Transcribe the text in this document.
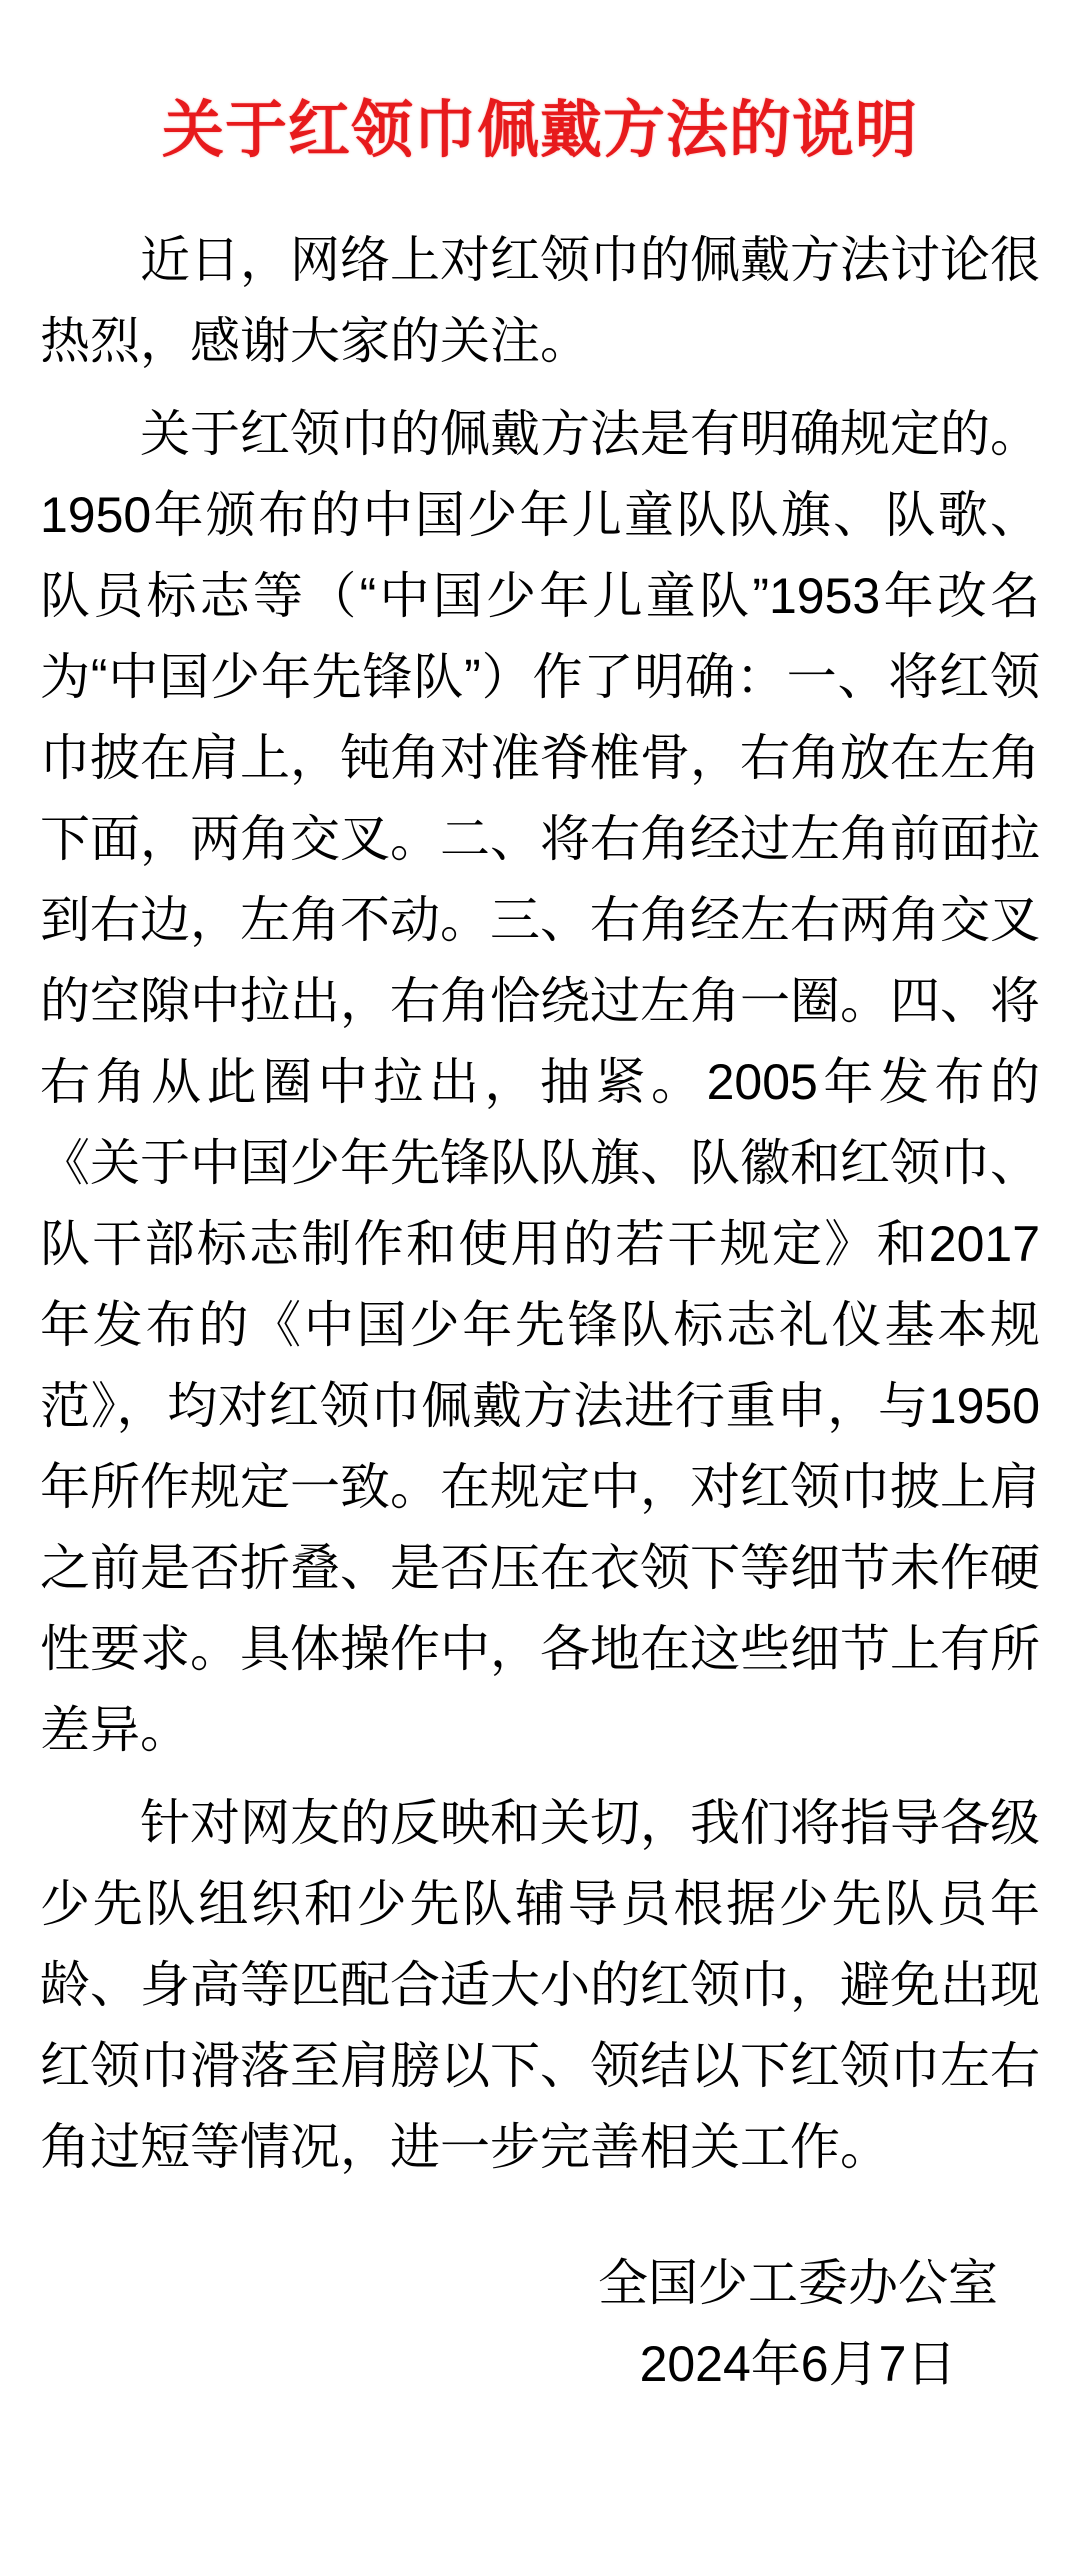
关于红领巾佩戴方法的说明

近日，网络上对红领巾的佩戴方法讨论很热烈，感谢大家的关注。

关于红领巾的佩戴方法是有明确规定的。1950年颁布的中国少年儿童队队旗、队歌、队员标志等（“中国少年儿童队”1953年改名为“中国少年先锋队”）作了明确：一、将红领巾披在肩上，钝角对准脊椎骨，右角放在左角下面，两角交叉。二、将右角经过左角前面拉到右边，左角不动。三、右角经左右两角交叉的空隙中拉出，右角恰绕过左角一圈。四、将右角从此圈中拉出，抽紧。2005年发布的《关于中国少年先锋队队旗、队徽和红领巾、队干部标志制作和使用的若干规定》和2017年发布的《中国少年先锋队标志礼仪基本规范》，均对红领巾佩戴方法进行重申，与1950年所作规定一致。在规定中，对红领巾披上肩之前是否折叠、是否压在衣领下等细节未作硬性要求。具体操作中，各地在这些细节上有所差异。

针对网友的反映和关切，我们将指导各级少先队组织和少先队辅导员根据少先队员年龄、身高等匹配合适大小的红领巾，避免出现红领巾滑落至肩膀以下、领结以下红领巾左右角过短等情况，进一步完善相关工作。

全国少工委办公室
2024年6月7日
